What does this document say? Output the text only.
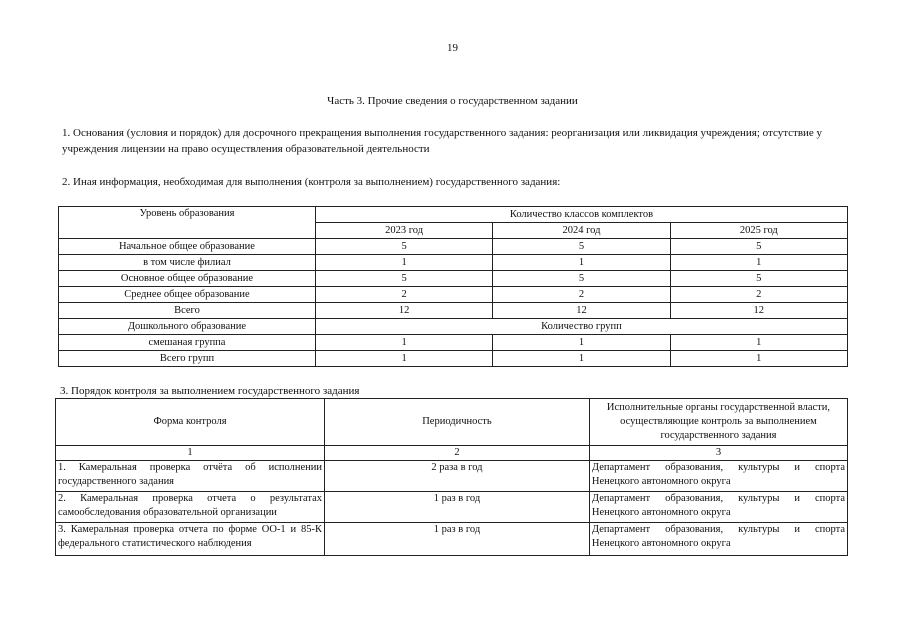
19
Часть 3. Прочие сведения о государственном задании
1. Основания (условия и порядок) для досрочного прекращения выполнения государственного задания: реорганизация или ликвидация учреждения; отсутствие у учреждения лицензии на право осуществления образовательной деятельности
2. Иная информация, необходимая для выполнения (контроля за выполнением) государственного задания:
Уровень образования	Количество классов комплектов		
	2023 год	2024 год	2025 год
Начальное общее образование	5	5	5
в том числе филиал	1	1	1
Основное общее образование	5	5	5
Среднее общее образование	2	2	2
Всего	12	12	12
Дошкольного образование	Количество групп		
смешаная группа	1	1	1
Всего групп	1	1	1
3. Порядок контроля за выполнением государственного задания
Форма контроля	Периодичность	Исполнительные органы государственной власти, осуществляющие контроль за выполнением государственного задания
1	2	3
1. Камеральная проверка отчёта об исполнении государственного задания	2 раза в год	Департамент образования, культуры и спорта Ненецкого автономного округа
2. Камеральная проверка отчета о результатах самообследования образовательной организации	1 раз в год	Департамент образования, культуры и спорта Ненецкого автономного округа
3. Камеральная проверка отчета по форме ОО-1 и 85-К федерального статистического наблюдения	1 раз в год	Департамент образования, культуры и спорта Ненецкого автономного округа
